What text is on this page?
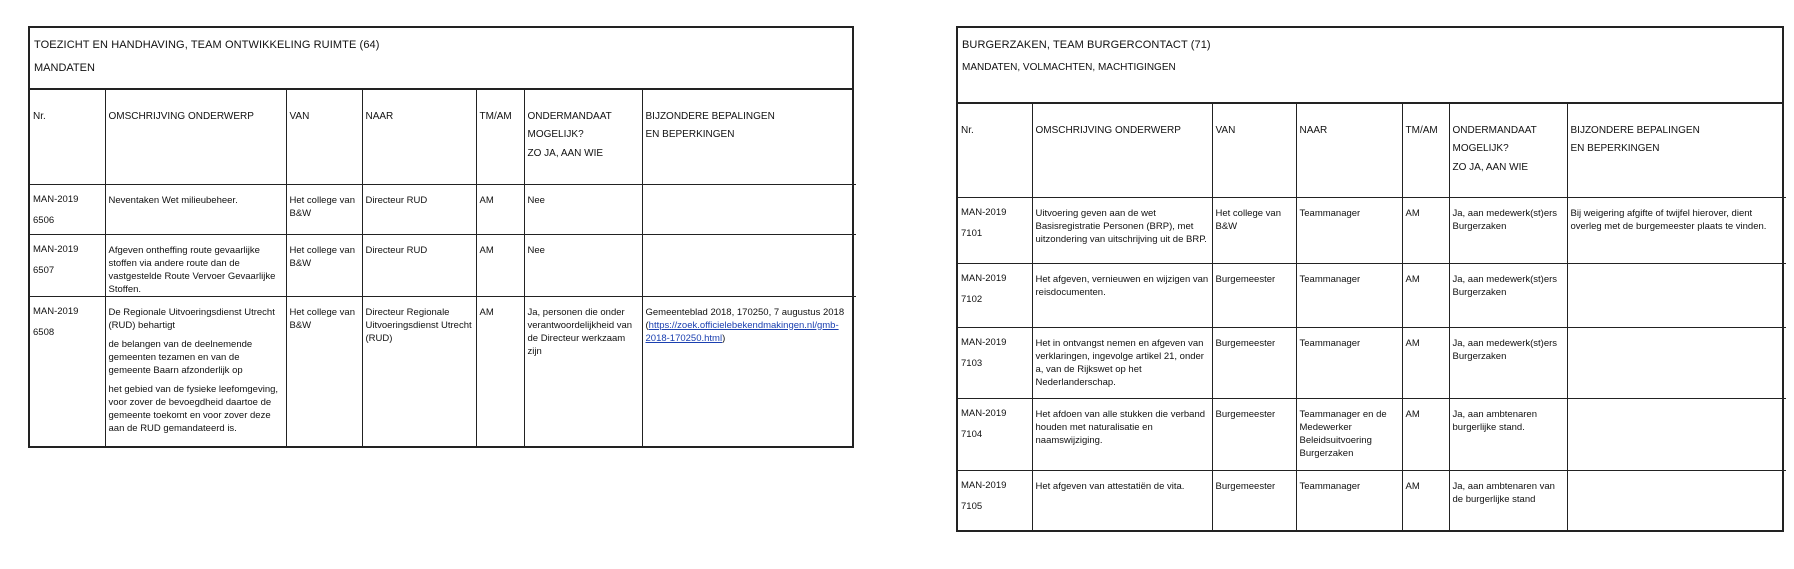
TOEZICHT EN HANDHAVING, TEAM ONTWIKKELING RUIMTE (64)
MANDATEN
Nr.	OMSCHRIJVING ONDERWERP	VAN	NAAR	TM/AM	ONDERMANDAAT
MOGELIJK?
ZO JA, AAN WIE	BIJZONDERE BEPALINGEN
EN BEPERKINGEN

MAN-2019
6506	Neventaken Wet milieubeheer.	Het college van B&W	Directeur RUD	AM	Nee	

MAN-2019
6507	Afgeven ontheffing route gevaarlijke stoffen via andere route dan de vastgestelde Route Vervoer Gevaarlijke Stoffen.	Het college van B&W	Directeur RUD	AM	Nee	

MAN-2019
6508	De Regionale Uitvoeringsdienst Utrecht (RUD) behartigt
de belangen van de deelnemende gemeenten tezamen en van de gemeente Baarn afzonderlijk op
het gebied van de fysieke leefomgeving, voor zover de bevoegdheid daartoe de gemeente toekomt en voor zover deze aan de RUD gemandateerd is.	Het college van B&W	Directeur Regionale Uitvoeringsdienst Utrecht (RUD)	AM	Ja, personen die onder verantwoordelijkheid van de Directeur werkzaam zijn	Gemeenteblad 2018, 170250, 7 augustus 2018 (https://zoek.officielebekendmakingen.nl/gmb-2018-170250.html)
BURGERZAKEN, TEAM BURGERCONTACT (71)
MANDATEN, VOLMACHTEN, MACHTIGINGEN
Nr.	OMSCHRIJVING ONDERWERP	VAN	NAAR	TM/AM	ONDERMANDAAT
MOGELIJK?
ZO JA, AAN WIE	BIJZONDERE BEPALINGEN
EN BEPERKINGEN

MAN-2019
7101	Uitvoering geven aan de wet Basisregistratie Personen (BRP), met uitzondering van uitschrijving uit de BRP.	Het college van B&W	Teammanager	AM	Ja, aan medewerk(st)ers Burgerzaken	Bij weigering afgifte of twijfel hierover, dient overleg met de burgemeester plaats te vinden.

MAN-2019
7102	Het afgeven, vernieuwen en wijzigen van reisdocumenten.	Burgemeester	Teammanager	AM	Ja, aan medewerk(st)ers Burgerzaken	

MAN-2019
7103	Het in ontvangst nemen en afgeven van verklaringen, ingevolge artikel 21, onder a, van de Rijkswet op het Nederlanderschap.	Burgemeester	Teammanager	AM	Ja, aan medewerk(st)ers Burgerzaken	

MAN-2019
7104	Het afdoen van alle stukken die verband houden met naturalisatie en naamswijziging.	Burgemeester	Teammanager en de Medewerker Beleidsuitvoering Burgerzaken	AM	Ja, aan ambtenaren burgerlijke stand.	

MAN-2019
7105	Het afgeven van attestatiën de vita.	Burgemeester	Teammanager	AM	Ja, aan ambtenaren van de burgerlijke stand	
